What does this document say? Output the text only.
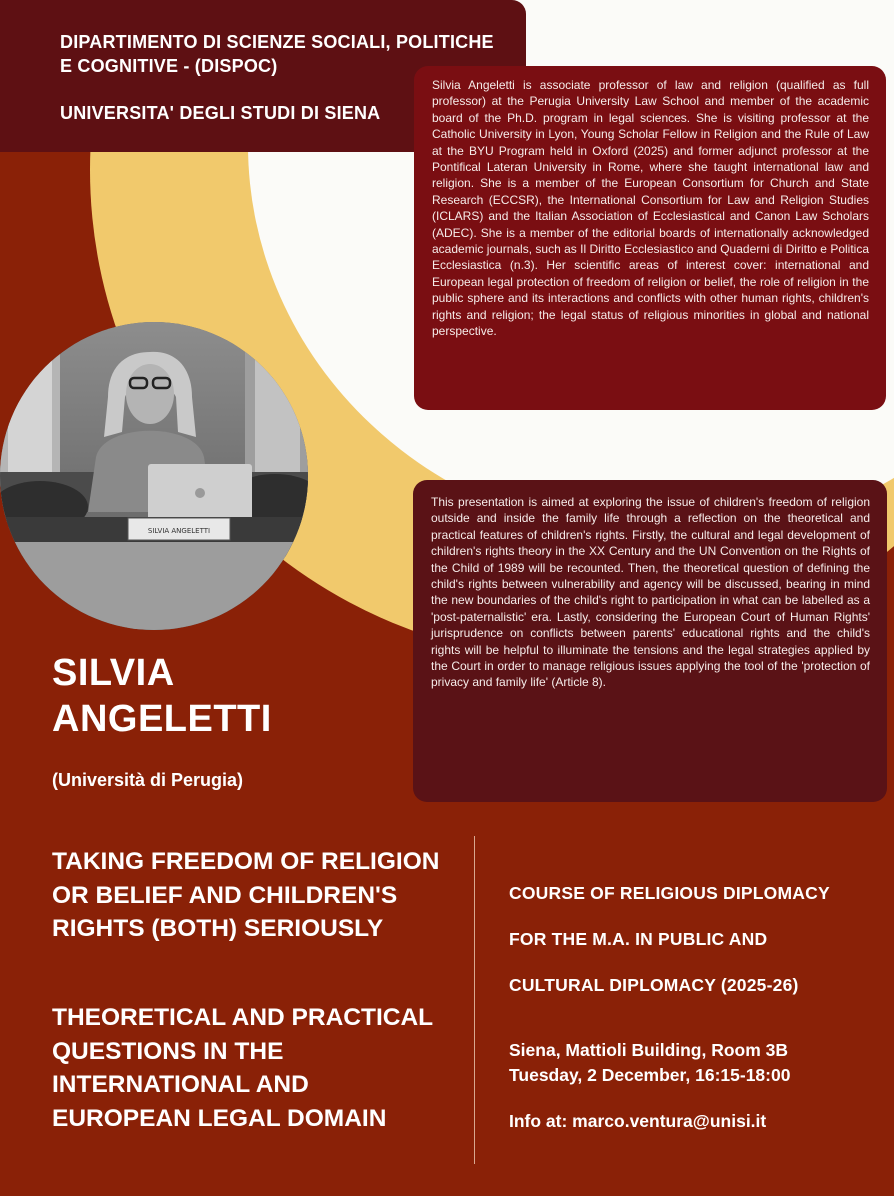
DIPARTIMENTO DI SCIENZE SOCIALI, POLITICHE E COGNITIVE - (DISPOC)
UNIVERSITA' DEGLI STUDI DI SIENA

Silvia Angeletti is associate professor of law and religion (qualified as full professor) at the Perugia University Law School and member of the academic board of the Ph.D. program in legal sciences. She is visiting professor at the Catholic University in Lyon, Young Scholar Fellow in Religion and the Rule of Law at the BYU Program held in Oxford (2025) and former adjunct professor at the Pontifical Lateran University in Rome, where she taught international law and religion. She is a member of the European Consortium for Church and State Research (ECCSR), the International Consortium for Law and Religion Studies (ICLARS) and the Italian Association of Ecclesiastical and Canon Law Scholars (ADEC). She is a member of the editorial boards of internationally acknowledged academic journals, such as Il Diritto Ecclesiastico and Quaderni di Diritto e Politica Ecclesiastica (n.3). Her scientific areas of interest cover: international and European legal protection of freedom of religion or belief, the role of religion in the public sphere and its interactions and conflicts with other human rights, children's rights and religion; the legal status of religious minorities in global and national perspective.

SILVIA ANGELETTI

This presentation is aimed at exploring the issue of children's freedom of religion outside and inside the family life through a reflection on the theoretical and practical features of children's rights. Firstly, the cultural and legal development of children's rights theory in the XX Century and the UN Convention on the Rights of the Child of 1989 will be recounted. Then, the theoretical question of defining the child's rights between vulnerability and agency will be discussed, bearing in mind the new boundaries of the child's right to participation in what can be labelled as a 'post-paternalistic' era. Lastly, considering the European Court of Human Rights' jurisprudence on conflicts between parents' educational rights and the child's rights will be helpful to illuminate the tensions and the legal strategies applied by the Court in order to manage religious issues applying the tool of the 'protection of privacy and family life' (Article 8).

SILVIA ANGELETTI
(Università di Perugia)
TAKING FREEDOM OF RELIGION OR BELIEF AND CHILDREN'S RIGHTS (BOTH) SERIOUSLY
THEORETICAL AND PRACTICAL QUESTIONS IN THE INTERNATIONAL AND EUROPEAN LEGAL DOMAIN
COURSE OF RELIGIOUS DIPLOMACY
FOR THE M.A. IN PUBLIC AND
CULTURAL DIPLOMACY (2025-26)
Siena, Mattioli Building, Room 3B
Tuesday, 2 December, 16:15-18:00
Info at: marco.ventura@unisi.it
